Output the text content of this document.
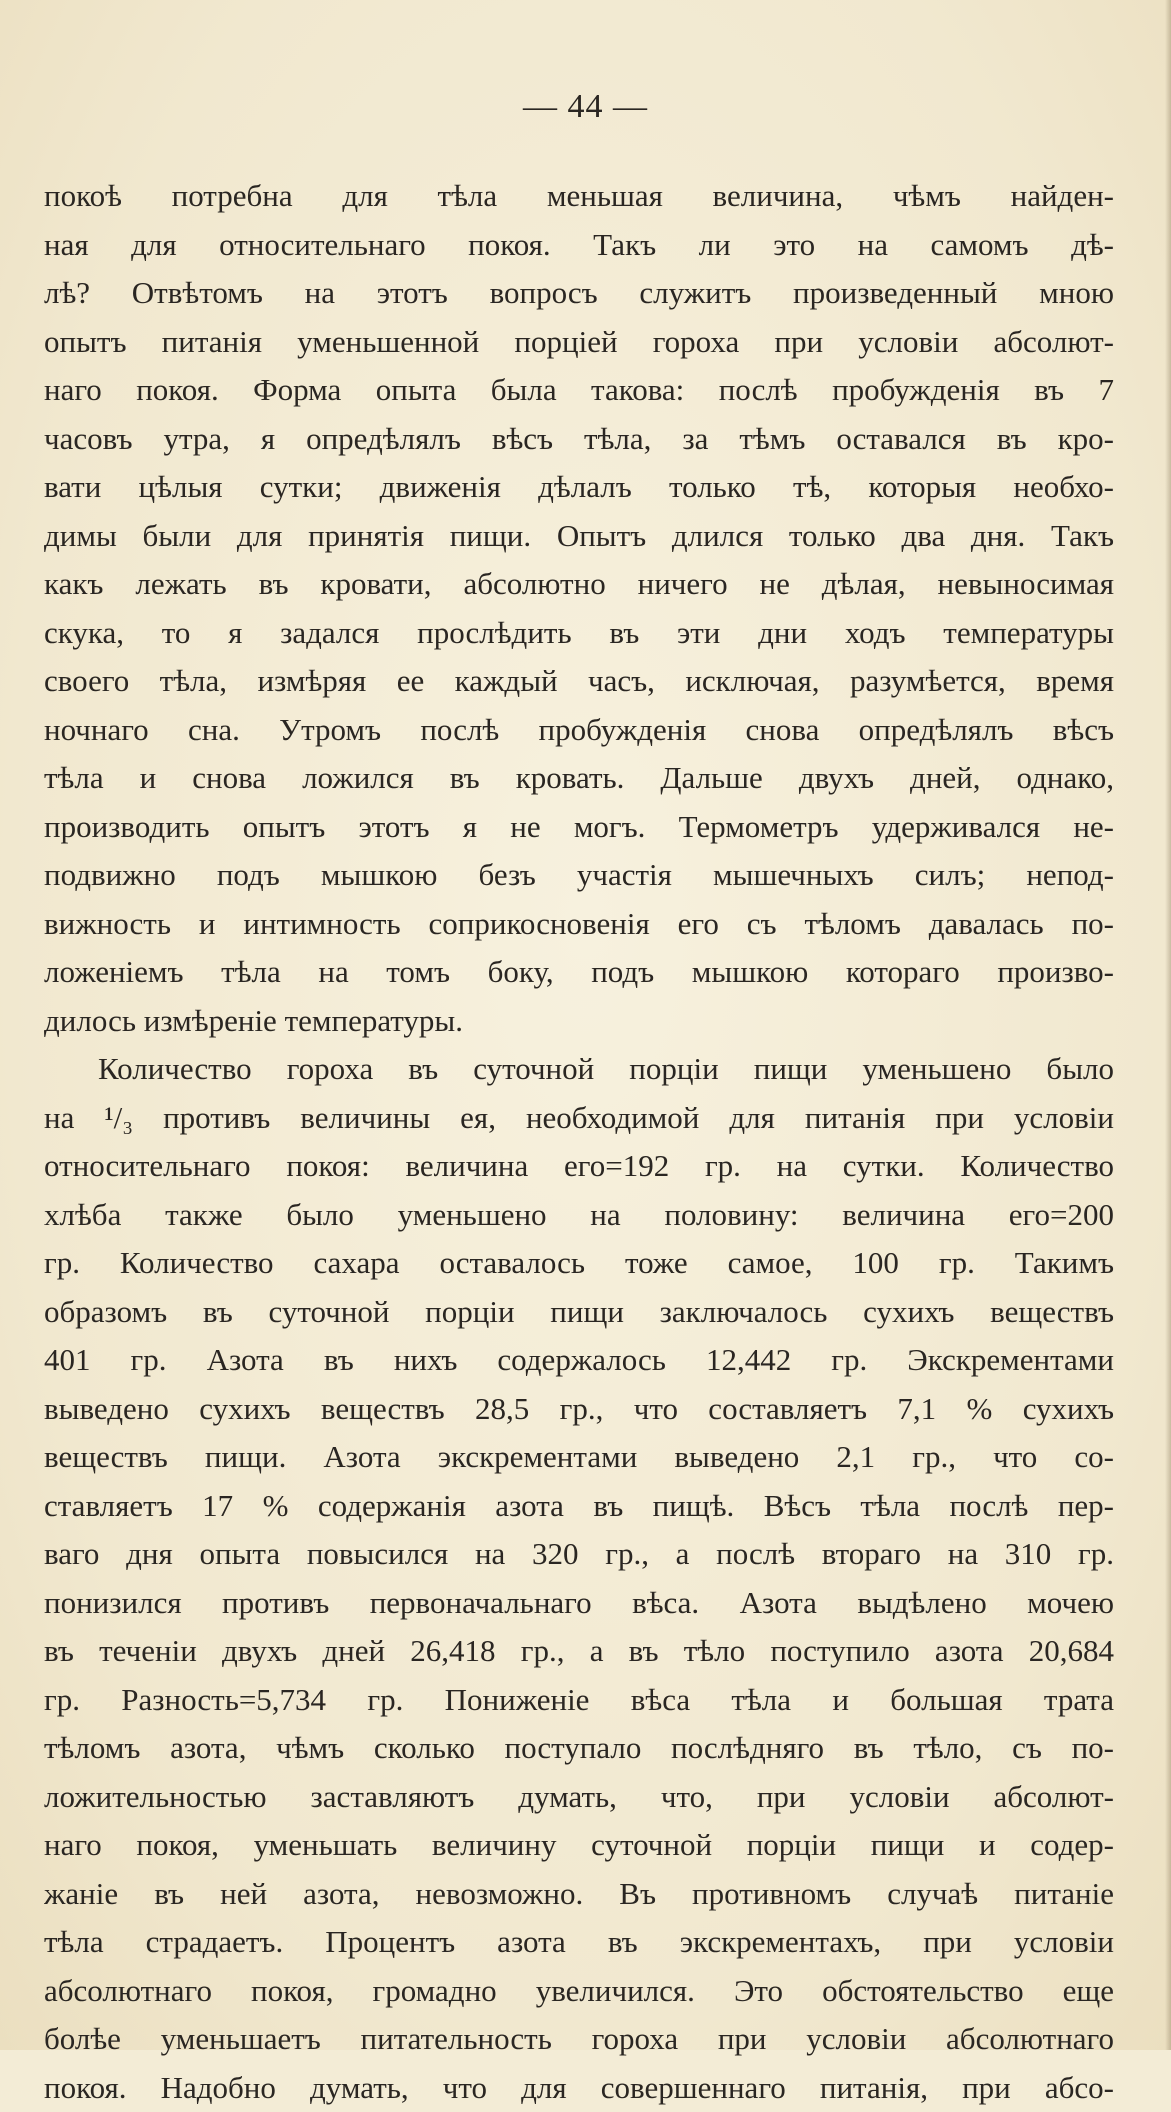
— 44 —
покоѣ потребна для тѣла меньшая величина, чѣмъ найден-
ная для относительнаго покоя. Такъ ли это на самомъ дѣ-
лѣ? Отвѣтомъ на этотъ вопросъ служитъ произведенный мною
опытъ питанія уменьшенной порціей гороха при условіи абсолют-
наго покоя. Форма опыта была такова: послѣ пробужденія въ 7
часовъ утра, я опредѣлялъ вѣсъ тѣла, за тѣмъ оставался въ кро-
вати цѣлыя сутки; движенія дѣлалъ только тѣ, которыя необхо-
димы были для принятія пищи. Опытъ длился только два дня. Такъ
какъ лежать въ кровати, абсолютно ничего не дѣлая, невыносимая
скука, то я задался прослѣдить въ эти дни ходъ температуры
своего тѣла, измѣряя ее каждый часъ, исключая, разумѣется, время
ночнаго сна. Утромъ послѣ пробужденія снова опредѣлялъ вѣсъ
тѣла и снова ложился въ кровать. Дальше двухъ дней, однако,
производить опытъ этотъ я не могъ. Термометръ удерживался не-
подвижно подъ мышкою безъ участія мышечныхъ силъ; непод-
вижность и интимность соприкосновенія его съ тѣломъ давалась по-
ложеніемъ тѣла на томъ боку, подъ мышкою котораго произво-
дилось измѣреніе температуры.
Количество гороха въ суточной порціи пищи уменьшено было
на ¹/₃ противъ величины ея, необходимой для питанія при условіи
относительнаго покоя: величина его=192 гр. на сутки. Количество
хлѣба также было уменьшено на половину: величина его=200
гр. Количество сахара оставалось тоже самое, 100 гр. Такимъ
образомъ въ суточной порціи пищи заключалось сухихъ веществъ
401 гр. Азота въ нихъ содержалось 12,442 гр. Экскрементами
выведено сухихъ веществъ 28,5 гр., что составляетъ 7,1 % сухихъ
веществъ пищи. Азота экскрементами выведено 2,1 гр., что со-
ставляетъ 17 % содержанія азота въ пищѣ. Вѣсъ тѣла послѣ пер-
ваго дня опыта повысился на 320 гр., а послѣ втораго на 310 гр.
понизился противъ первоначальнаго вѣса. Азота выдѣлено мочею
въ теченіи двухъ дней 26,418 гр., а въ тѣло поступило азота 20,684
гр. Разность=5,734 гр. Пониженіе вѣса тѣла и большая трата
тѣломъ азота, чѣмъ сколько поступало послѣдняго въ тѣло, съ по-
ложительностью заставляютъ думать, что, при условіи абсолют-
наго покоя, уменьшать величину суточной порціи пищи и содер-
жаніе въ ней азота, невозможно. Въ противномъ случаѣ питаніе
тѣла страдаетъ. Процентъ азота въ экскрементахъ, при условіи
абсолютнаго покоя, громадно увеличился. Это обстоятельство еще
болѣе уменьшаетъ питательность гороха при условіи абсолютнаго
покоя. Надобно думать, что для совершеннаго питанія, при абсо-
